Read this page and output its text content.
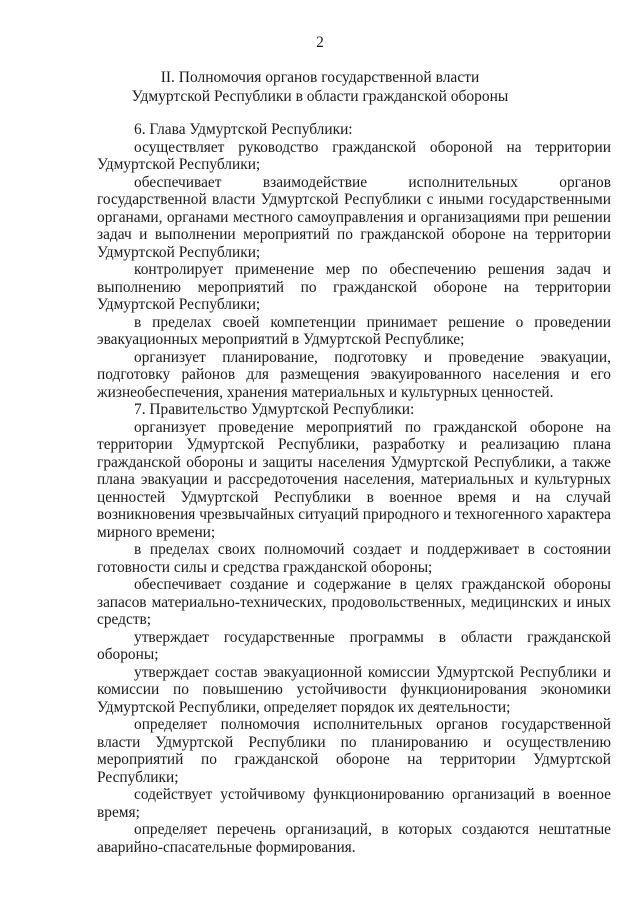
2
II. Полномочия органов государственной власти
Удмуртской Республики в области гражданской обороны

6. Глава Удмуртской Республики:

осуществляет руководство гражданской обороной на территории Удмуртской Республики;

обеспечивает взаимодействие исполнительных органов государственной власти Удмуртской Республики с иными государственными органами, органами местного самоуправления и организациями при решении задач и выполнении мероприятий по гражданской обороне на территории Удмуртской Республики;

контролирует применение мер по обеспечению решения задач и выполнению мероприятий по гражданской обороне на территории Удмуртской Республики;

в пределах своей компетенции принимает решение о проведении эвакуационных мероприятий в Удмуртской Республике;

организует планирование, подготовку и проведение эвакуации, подготовку районов для размещения эвакуированного населения и его жизнеобеспечения, хранения материальных и культурных ценностей.

7. Правительство Удмуртской Республики:

организует проведение мероприятий по гражданской обороне на территории Удмуртской Республики, разработку и реализацию плана гражданской обороны и защиты населения Удмуртской Республики, а также плана эвакуации и рассредоточения населения, материальных и культурных ценностей Удмуртской Республики в военное время и на случай возникновения чрезвычайных ситуаций природного и техногенного характера мирного времени;

в пределах своих полномочий создает и поддерживает в состоянии готовности силы и средства гражданской обороны;

обеспечивает создание и содержание в целях гражданской обороны запасов материально-технических, продовольственных, медицинских и иных средств;

утверждает государственные программы в области гражданской обороны;

утверждает состав эвакуационной комиссии Удмуртской Республики и комиссии по повышению устойчивости функционирования экономики Удмуртской Республики, определяет порядок их деятельности;

определяет полномочия исполнительных органов государственной власти Удмуртской Республики по планированию и осуществлению мероприятий по гражданской обороне на территории Удмуртской Республики;

содействует устойчивому функционированию организаций в военное время;

определяет перечень организаций, в которых создаются нештатные аварийно-спасательные формирования.
